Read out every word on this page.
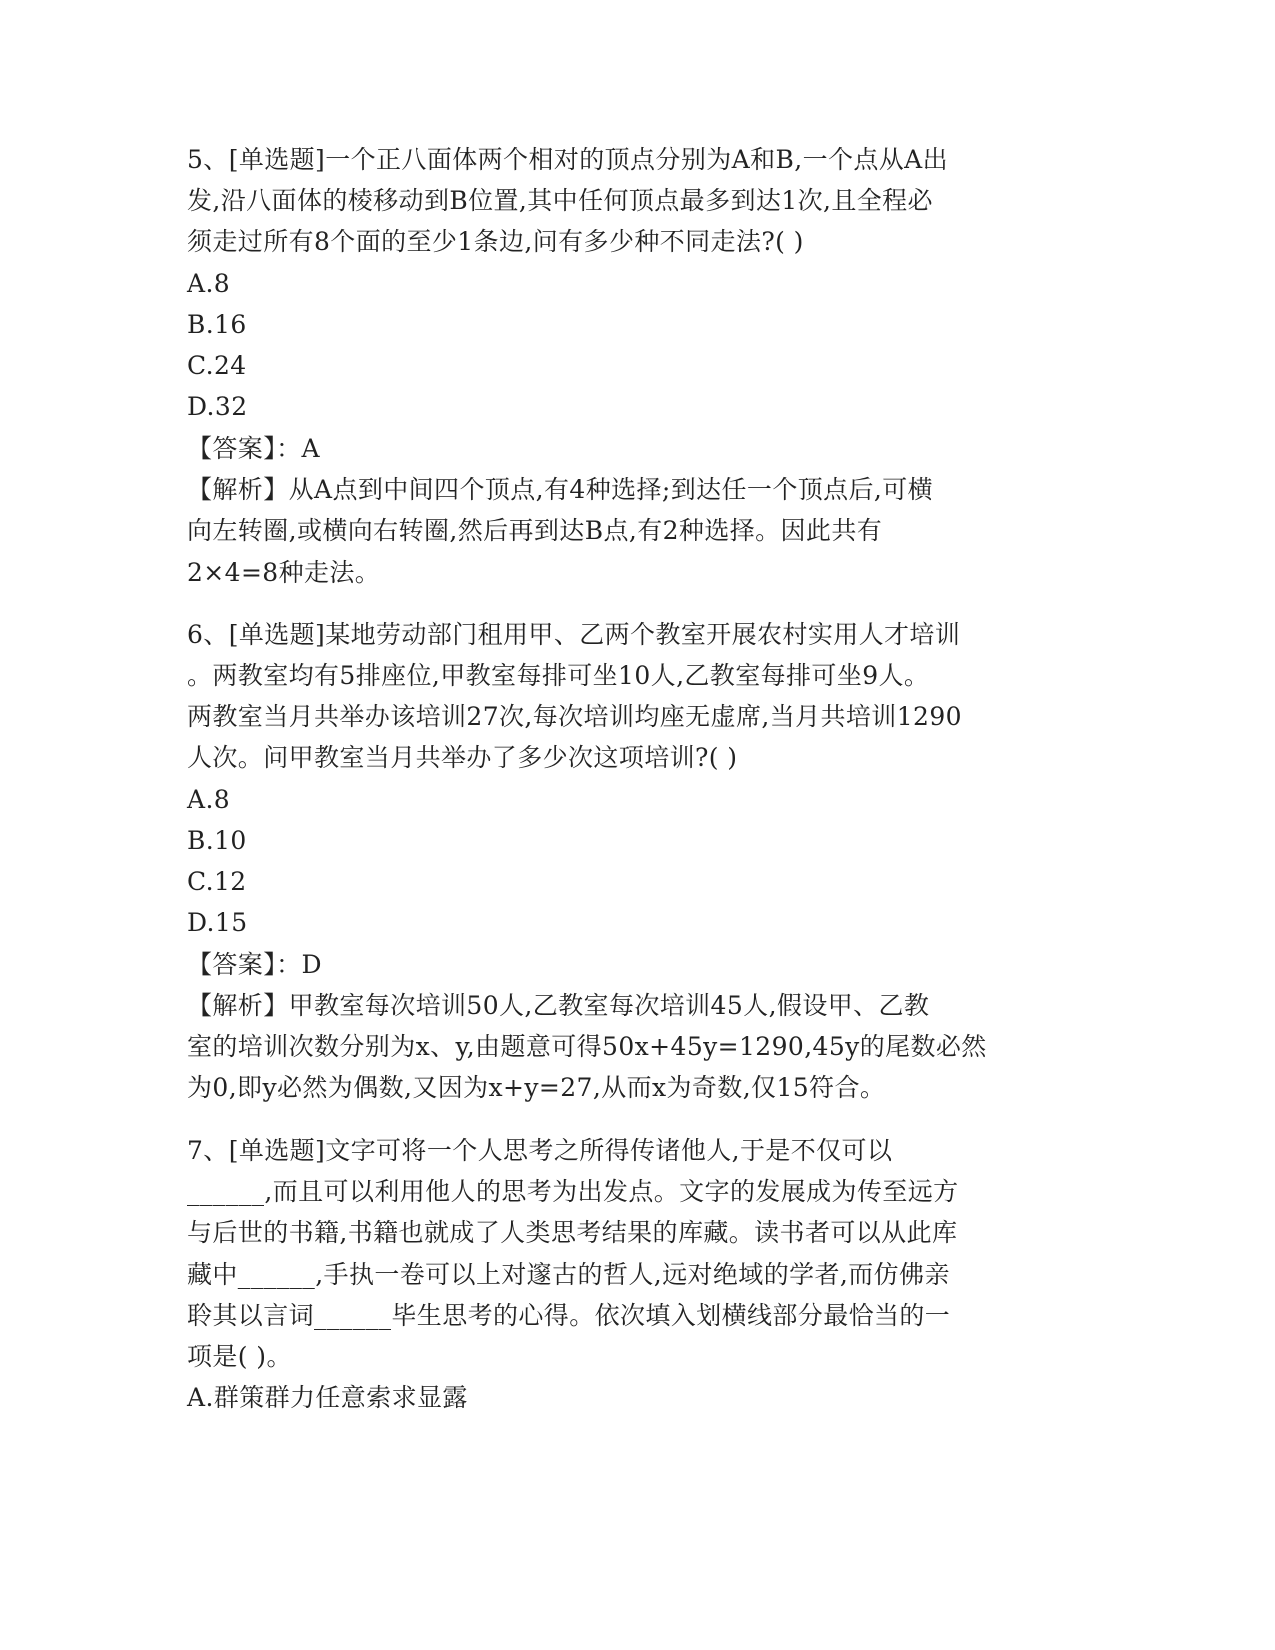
5、[单选题]一个正八面体两个相对的顶点分别为A和B,一个点从A出
发,沿八面体的棱移动到B位置,其中任何顶点最多到达1次,且全程必
须走过所有8个面的至少1条边,问有多少种不同走法?( )
A.8
B.16
C.24
D.32
【答案】：A
【解析】从A点到中间四个顶点,有4种选择;到达任一个顶点后,可横
向左转圈,或横向右转圈,然后再到达B点,有2种选择。因此共有
2×4=8种走法。
6、[单选题]某地劳动部门租用甲、乙两个教室开展农村实用人才培训
。两教室均有5排座位,甲教室每排可坐10人,乙教室每排可坐9人。
两教室当月共举办该培训27次,每次培训均座无虚席,当月共培训1290
人次。问甲教室当月共举办了多少次这项培训?( )
A.8
B.10
C.12
D.15
【答案】：D
【解析】甲教室每次培训50人,乙教室每次培训45人,假设甲、乙教
室的培训次数分别为x、y,由题意可得50x+45y=1290,45y的尾数必然
为0,即y必然为偶数,又因为x+y=27,从而x为奇数,仅15符合。
7、[单选题]文字可将一个人思考之所得传诸他人,于是不仅可以
______,而且可以利用他人的思考为出发点。文字的发展成为传至远方
与后世的书籍,书籍也就成了人类思考结果的库藏。读书者可以从此库
藏中______,手执一卷可以上对邃古的哲人,远对绝域的学者,而仿佛亲
聆其以言词______毕生思考的心得。依次填入划横线部分最恰当的一
项是( )。
A.群策群力任意索求显露
